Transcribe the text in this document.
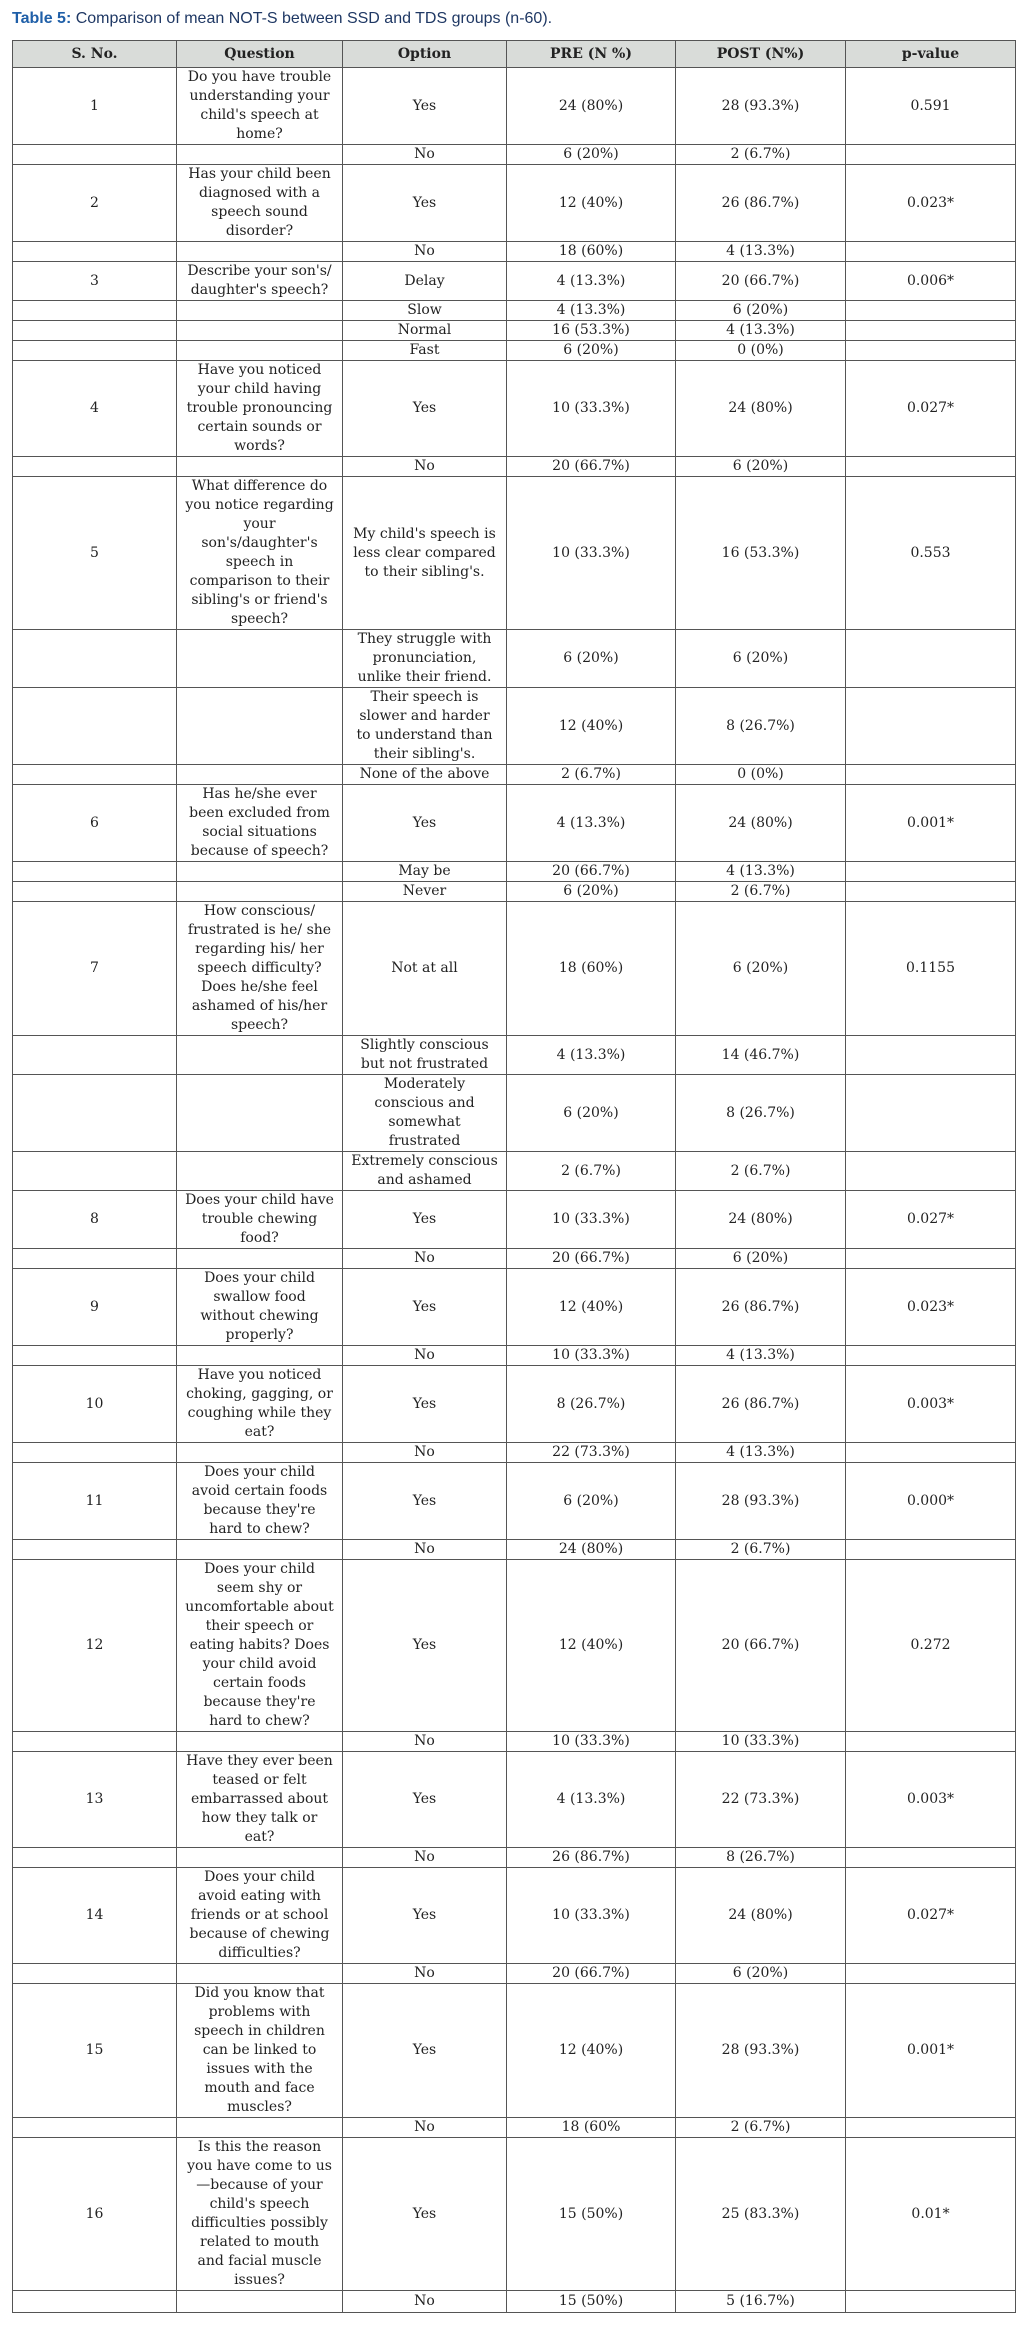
Table 5: Comparison of mean NOT-S between SSD and TDS groups (n-60).
S. No.	Question	Option	PRE (N %)	POST (N%)	p-value
1	Do you have trouble understanding your child's speech at home?	Yes	24 (80%)	28 (93.3%)	0.591
		No	6 (20%)	2 (6.7%)	
2	Has your child been diagnosed with a speech sound disorder?	Yes	12 (40%)	26 (86.7%)	0.023*
		No	18 (60%)	4 (13.3%)	
3	Describe your son's/ daughter's speech?	Delay	4 (13.3%)	20 (66.7%)	0.006*
		Slow	4 (13.3%)	6 (20%)	
		Normal	16 (53.3%)	4 (13.3%)	
		Fast	6 (20%)	0 (0%)	
4	Have you noticed your child having trouble pronouncing certain sounds or words?	Yes	10 (33.3%)	24 (80%)	0.027*
		No	20 (66.7%)	6 (20%)	
5	What difference do you notice regarding your son's/daughter's speech in comparison to their sibling's or friend's speech?	My child's speech is less clear compared to their sibling's.	10 (33.3%)	16 (53.3%)	0.553
		They struggle with pronunciation, unlike their friend.	6 (20%)	6 (20%)	
		Their speech is slower and harder to understand than their sibling's.	12 (40%)	8 (26.7%)	
		None of the above	2 (6.7%)	0 (0%)	
6	Has he/she ever been excluded from social situations because of speech?	Yes	4 (13.3%)	24 (80%)	0.001*
		May be	20 (66.7%)	4 (13.3%)	
		Never	6 (20%)	2 (6.7%)	
7	How conscious/ frustrated is he/ she regarding his/ her speech difficulty? Does he/she feel ashamed of his/her speech?	Not at all	18 (60%)	6 (20%)	0.1155
		Slightly conscious but not frustrated	4 (13.3%)	14 (46.7%)	
		Moderately conscious and somewhat frustrated	6 (20%)	8 (26.7%)	
		Extremely conscious and ashamed	2 (6.7%)	2 (6.7%)	
8	Does your child have trouble chewing food?	Yes	10 (33.3%)	24 (80%)	0.027*
		No	20 (66.7%)	6 (20%)	
9	Does your child swallow food without chewing properly?	Yes	12 (40%)	26 (86.7%)	0.023*
		No	10 (33.3%)	4 (13.3%)	
10	Have you noticed choking, gagging, or coughing while they eat?	Yes	8 (26.7%)	26 (86.7%)	0.003*
		No	22 (73.3%)	4 (13.3%)	
11	Does your child avoid certain foods because they're hard to chew?	Yes	6 (20%)	28 (93.3%)	0.000*
		No	24 (80%)	2 (6.7%)	
12	Does your child seem shy or uncomfortable about their speech or eating habits? Does your child avoid certain foods because they're hard to chew?	Yes	12 (40%)	20 (66.7%)	0.272
		No	10 (33.3%)	10 (33.3%)	
13	Have they ever been teased or felt embarrassed about how they talk or eat?	Yes	4 (13.3%)	22 (73.3%)	0.003*
		No	26 (86.7%)	8 (26.7%)	
14	Does your child avoid eating with friends or at school because of chewing difficulties?	Yes	10 (33.3%)	24 (80%)	0.027*
		No	20 (66.7%)	6 (20%)	
15	Did you know that problems with speech in children can be linked to issues with the mouth and face muscles?	Yes	12 (40%)	28 (93.3%)	0.001*
		No	18 (60%	2 (6.7%)	
16	Is this the reason you have come to us—because of your child's speech difficulties possibly related to mouth and facial muscle issues?	Yes	15 (50%)	25 (83.3%)	0.01*
		No	15 (50%)	5 (16.7%)	
